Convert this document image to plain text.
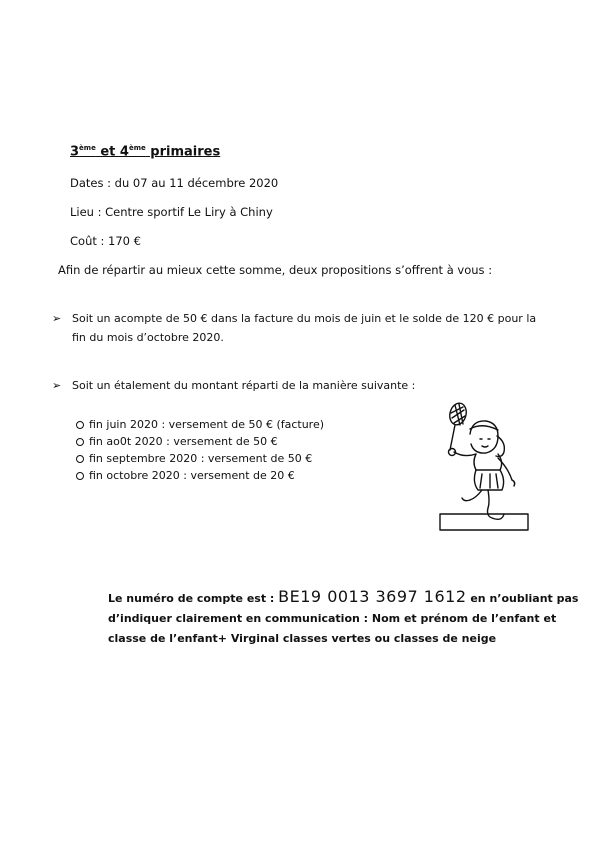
3ème et 4ème primaires
Dates : du 07 au 11 décembre 2020
Lieu : Centre sportif Le Liry à Chiny
Coût : 170 €
Afin de répartir au mieux cette somme, deux propositions s’offrent à vous :
➢ Soit un acompte de 50 € dans la facture du mois de juin et le solde de 120 € pour la
fin du mois d’octobre 2020.
➢ Soit un étalement du montant réparti de la manière suivante :
fin juin 2020 : versement de 50 € (facture)
fin ao0t 2020 : versement de 50 €
fin septembre 2020 : versement de 50 €
fin octobre 2020 : versement de 20 €
Le numéro de compte est : BE19 0013 3697 1612 en n’oubliant pas
d’indiquer clairement en communication : Nom et prénom de l’enfant et
classe de l’enfant+ Virginal classes vertes ou classes de neige
